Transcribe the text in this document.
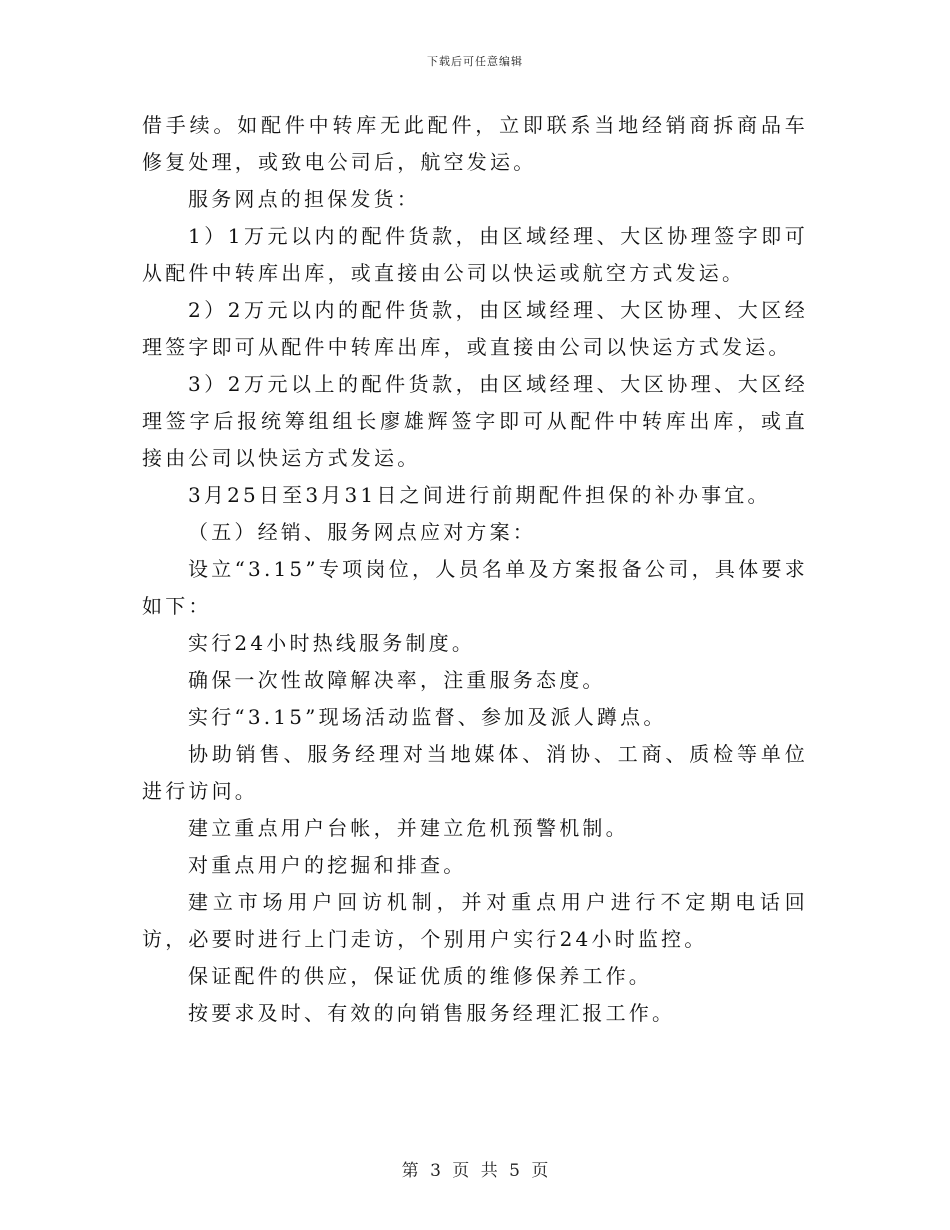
下载后可任意编辑

借手续。如配件中转库无此配件，立即联系当地经销商拆商品车修复处理，或致电公司后，航空发运。

服务网点的担保发货：

1）1万元以内的配件货款，由区域经理、大区协理签字即可从配件中转库出库，或直接由公司以快运或航空方式发运。

2）2万元以内的配件货款，由区域经理、大区协理、大区经理签字即可从配件中转库出库，或直接由公司以快运方式发运。

3）2万元以上的配件货款，由区域经理、大区协理、大区经理签字后报统筹组组长廖雄辉签字即可从配件中转库出库，或直接由公司以快运方式发运。

3月25日至3月31日之间进行前期配件担保的补办事宜。

（五）经销、服务网点应对方案：

设立“3.15”专项岗位，人员名单及方案报备公司，具体要求如下：

实行24小时热线服务制度。

确保一次性故障解决率，注重服务态度。

实行“3.15”现场活动监督、参加及派人蹲点。

协助销售、服务经理对当地媒体、消协、工商、质检等单位进行访问。

建立重点用户台帐，并建立危机预警机制。

对重点用户的挖掘和排查。

建立市场用户回访机制，并对重点用户进行不定期电话回访，必要时进行上门走访，个别用户实行24小时监控。

保证配件的供应，保证优质的维修保养工作。

按要求及时、有效的向销售服务经理汇报工作。

第 3 页 共 5 页
